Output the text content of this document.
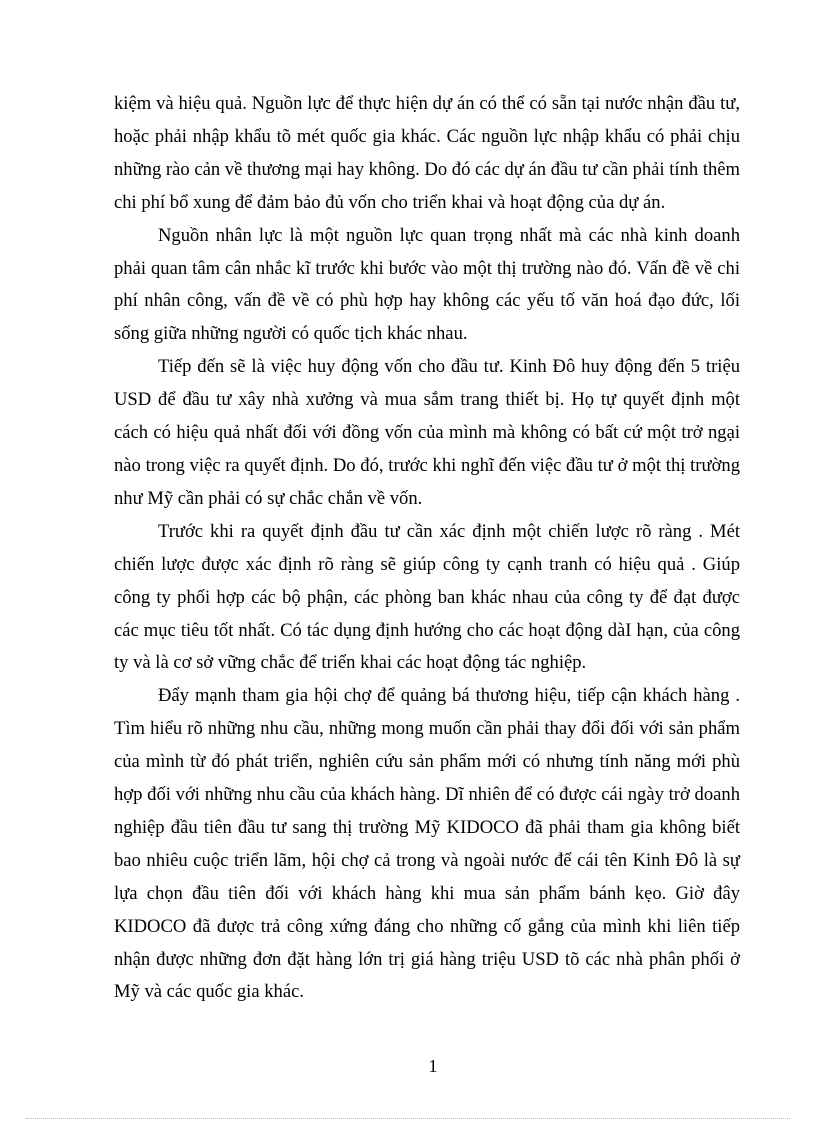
kiệm và hiệu quả. Nguồn lực để thực hiện dự án có thể có sẵn tại nước nhận đầu tư, hoặc phải nhập khẩu tõ mét quốc gia khác. Các nguồn lực nhập khẩu có phải chịu những rào cản về thương mại hay không. Do đó các dự án đầu tư cần phải tính thêm chi phí bổ xung để đảm bảo đủ vốn cho triển khai và hoạt động của dự án.

Nguồn nhân lực là một nguồn lực quan trọng nhất mà các nhà kinh doanh phải quan tâm cân nhắc kĩ trước khi bước vào một thị trường nào đó. Vấn đề về chi phí nhân công, vấn đề về có phù hợp hay không các yếu tố văn hoá đạo đức, lối sống giữa những người có quốc tịch khác nhau.

Tiếp đến sẽ là việc huy động vốn cho đầu tư. Kinh Đô huy động đến 5 triệu USD để đầu tư xây nhà xưởng và mua sắm trang thiết bị. Họ tự quyết định một cách có hiệu quả nhất đối với đồng vốn của mình mà không có bất cứ một trở ngại nào trong việc ra quyết định. Do đó, trước khi nghĩ đến việc đầu tư ở một thị trường như Mỹ cần phải có sự chắc chắn về vốn.

Trước khi ra quyết định đầu tư cần xác định một chiến lược rõ ràng . Mét chiến lược được xác định rõ ràng sẽ giúp công ty cạnh tranh có hiệu quả . Giúp công ty phối hợp các bộ phận, các phòng ban khác nhau của công ty để đạt được các mục tiêu tốt nhất. Có tác dụng định hướng cho các hoạt động dàI hạn, của công ty và là cơ sở vững chắc để triển khai các hoạt động tác nghiệp.

Đẩy mạnh tham gia hội chợ để quảng bá thương hiệu, tiếp cận khách hàng . Tìm hiểu rõ những nhu cầu, những mong muốn cần phải thay đổi đối với sản phẩm của mình từ đó phát triển, nghiên cứu sản phẩm mới có nhưng tính năng mới phù hợp đối với những nhu cầu của khách hàng. Dĩ nhiên để có được cái ngày trở doanh nghiệp đầu tiên đầu tư sang thị trường Mỹ KIDOCO đã phải tham gia không biết bao nhiêu cuộc triển lãm, hội chợ cả trong và ngoài nước để cái tên Kinh Đô là sự lựa chọn đầu tiên đối với khách hàng khi mua sản phẩm bánh kẹo. Giờ đây KIDOCO đã được trả công xứng đáng cho những cố gắng của mình khi liên tiếp nhận được những đơn đặt hàng lớn trị giá hàng triệu USD tõ các nhà phân phối ở Mỹ và các quốc gia khác.

1
